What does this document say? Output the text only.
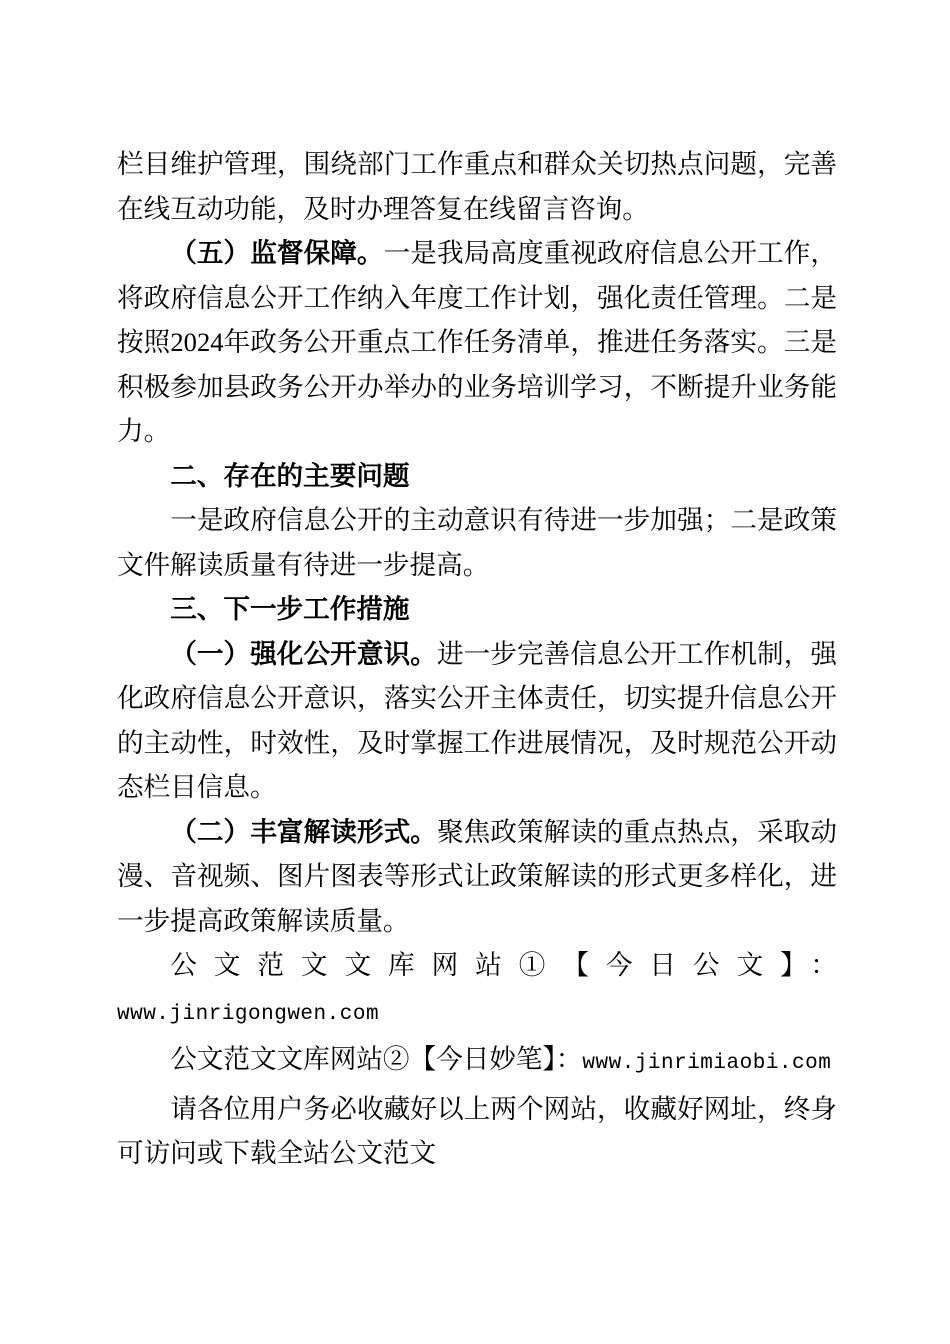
栏目维护管理，围绕部门工作重点和群众关切热点问题，完善在线互动功能，及时办理答复在线留言咨询。

（五）监督保障。一是我局高度重视政府信息公开工作，将政府信息公开工作纳入年度工作计划，强化责任管理。二是按照2024年政务公开重点工作任务清单，推进任务落实。三是积极参加县政务公开办举办的业务培训学习，不断提升业务能力。

二、存在的主要问题

一是政府信息公开的主动意识有待进一步加强；二是政策文件解读质量有待进一步提高。

三、下一步工作措施

（一）强化公开意识。进一步完善信息公开工作机制，强化政府信息公开意识，落实公开主体责任，切实提升信息公开的主动性，时效性，及时掌握工作进展情况，及时规范公开动态栏目信息。

（二）丰富解读形式。聚焦政策解读的重点热点，采取动漫、音视频、图片图表等形式让政策解读的形式更多样化，进一步提高政策解读质量。

公文范文文库网站①【今日公文】：

www.jinrigongwen.com

公文范文文库网站②【今日妙笔】：www.jinrimiaobi.com

请各位用户务必收藏好以上两个网站，收藏好网址，终身可访问或下载全站公文范文
